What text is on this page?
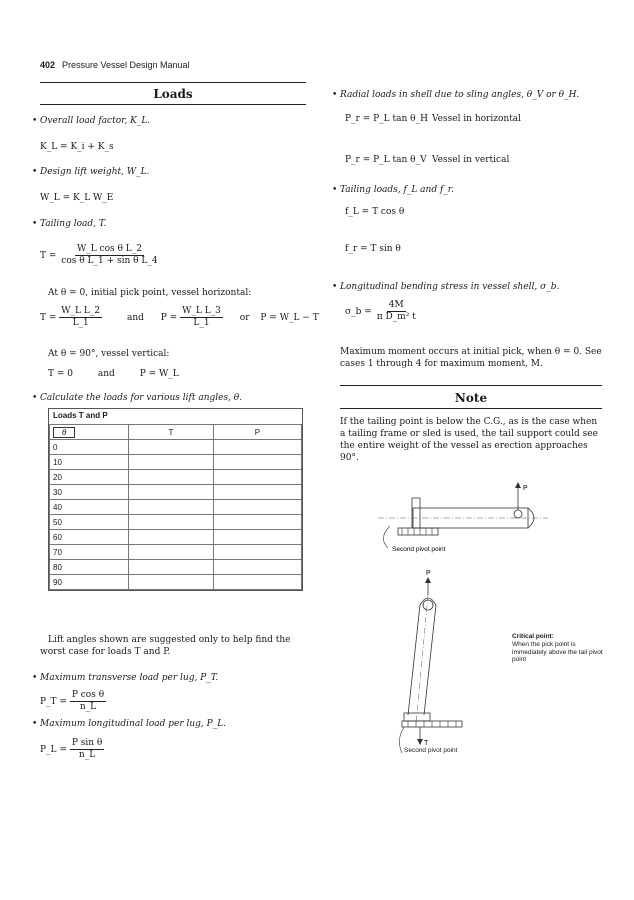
402 Pressure Vessel Design Manual
Loads
• Overall load factor, K_L.
K_L = K_i + K_s
• Design lift weight, W_L.
W_L = K_L W_E
• Tailing load, T.
$T = \frac{\text{W\_L cos θ L\_2}}{\text{cos θ L\_1 + sin θ L\_4}}$
At θ = 0, initial pick point, vessel horizontal:
$T = \frac{\text{W\_L L\_2}}{L\_1}$	and $P = \frac{\text{W\_L L\_3}}{L\_1}$ or P = W_L − T
At θ = 90°, vessel vertical:
T = 0	and	P = W_L
• Calculate the loads for various lift angles, θ.
Loads T and P
θ	T	P
0		
10		
20		
30		
40		
50		
60		
70		
80		
90		
Lift angles shown are suggested only to help find the worst case for loads T and P.
• Maximum transverse load per lug, P_T.
P_T = $\frac{\text{P cos θ}}{n\_L}$
• Maximum longitudinal load per lug, P_L.
P_L = $\frac{\text{P sin θ}}{n\_L}$
• Radial loads in shell due to sling angles, θ_V or θ_H.
P_r = P_L tan θ_H Vessel in horizontal
P_r = P_L tan θ_V Vessel in vertical
• Tailing loads, f_L and f_r.
f_L = T cos θ
f_r = T sin θ
• Longitudinal bending stress in vessel shell, σ_b.
σ_b = $\frac{4M}{\text{π D\_m² t}}$
Maximum moment occurs at initial pick, when θ = 0. See cases 1 through 4 for maximum moment, M.
Note
If the tailing point is below the C.G., as is the case when a tailing frame or sled is used, the tail support could see the entire weight of the vessel as erection approaches 90°.
P
Second pivot point
P
T
Second pivot point
Critical point:
When the pick point is immediately above the tail pivot point
